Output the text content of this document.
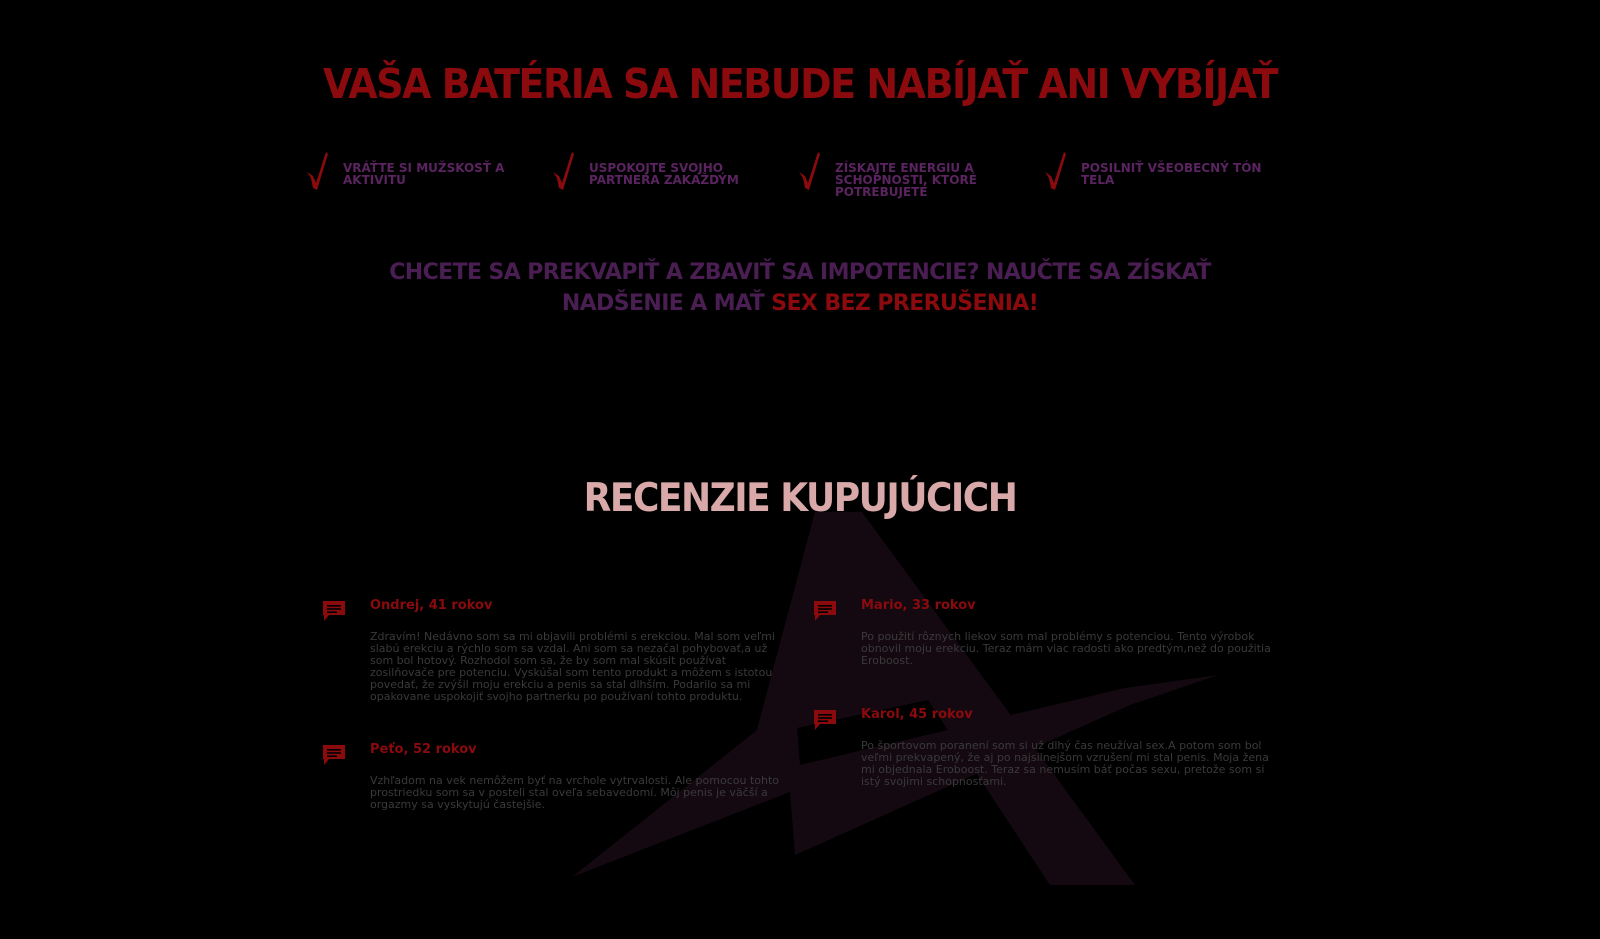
VAŠA BATÉRIA SA NEBUDE NABÍJAŤ ANI VYBÍJAŤ
VRÁŤTE SI MUŽSKOSŤ A AKTIVITU
USPOKOJTE SVOJHO PARTNERA ZAKAŽDÝM
ZÍSKAJTE ENERGIU A SCHOPNOSTI, KTORÉ POTREBUJETE
POSILNIŤ VŠEOBECNÝ TÓN TELA
CHCETE SA PREKVAPIŤ A ZBAVIŤ SA IMPOTENCIE? NAUČTE SA ZÍSKAŤ NADŠENIE A MAŤ SEX BEZ PRERUŠENIA!
RECENZIE KUPUJÚCICH
Ondrej, 41 rokov
Zdravím! Nedávno som sa mi objavili problémi s erekciou. Mal som veľmi slabú erekciu a rýchlo som sa vzdal. Ani som sa nezačal pohybovať,a už som bol hotový. Rozhodol som sa, že by som mal skúsit používat zosilňovače pre potenciu. Vyskúšal som tento produkt a môžem s istotou povedať, že zvýšil moju erekciu a penis sa stal dlhším. Podarilo sa mi opakovane uspokojiť svojho partnerku po používaní tohto produktu.
Mario, 33 rokov
Po použití rôznych liekov som mal problémy s potenciou. Tento výrobok obnovil moju erekciu. Teraz mám viac radosti ako predtým,než do použitia Eroboost.
Peťo, 52 rokov
Vzhľadom na vek nemôžem byť na vrchole vytrvalosti. Ale pomocou tohto prostriedku som sa v posteli stal oveľa sebavedomí. Môj penis je väčší a orgazmy sa vyskytujú častejšie.
Karol, 45 rokov
Po športovom poranení som si už dlhý čas neužíval sex.A potom som bol veľmi prekvapený, že aj po najsilnejšom vzrušení mi stal penis. Moja žena mi objednala Eroboost. Teraz sa nemusím báť počas sexu, pretože som si istý svojimi schopnosťami.
